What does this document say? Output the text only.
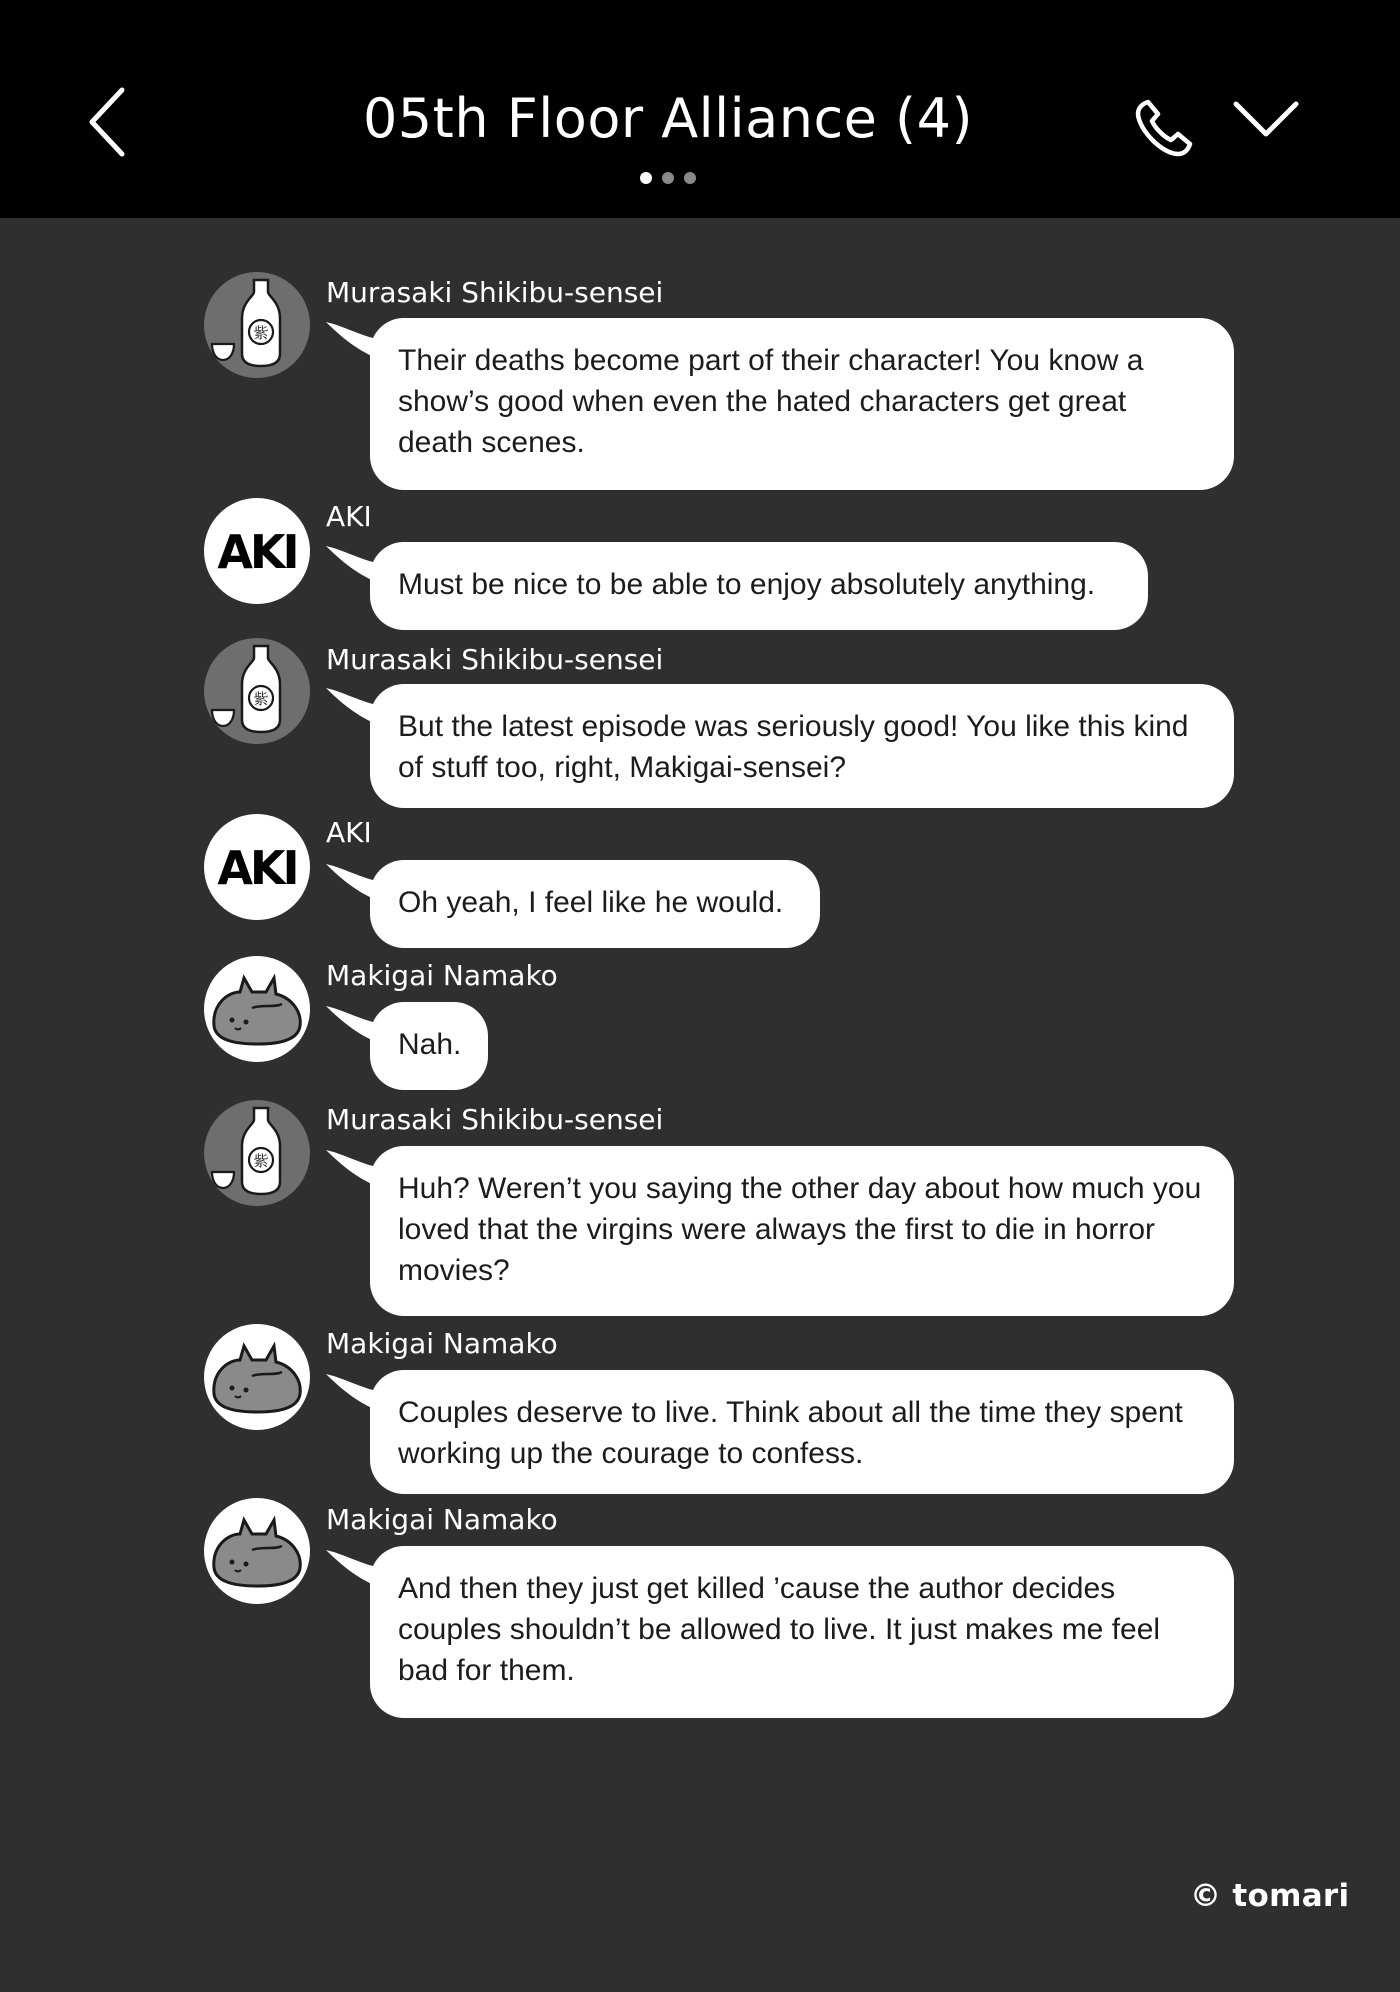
05th Floor Alliance (4)
紫
Murasaki Shikibu-sensei
Their deaths become part of their character! You know a show’s good when even the hated characters get great death scenes.
AKI
AKI
Must be nice to be able to enjoy absolutely anything.
紫
Murasaki Shikibu-sensei
But the latest episode was seriously good! You like this kind of stuff too, right, Makigai-sensei?
AKI
AKI
Oh yeah, I feel like he would.
Makigai Namako
Nah.
紫
Murasaki Shikibu-sensei
Huh? Weren’t you saying the other day about how much you loved that the virgins were always the first to die in horror movies?
Makigai Namako
Couples deserve to live. Think about all the time they spent working up the courage to confess.
Makigai Namako
And then they just get killed ’cause the author decides couples shouldn’t be allowed to live. It just makes me feel bad for them.
© tomari
